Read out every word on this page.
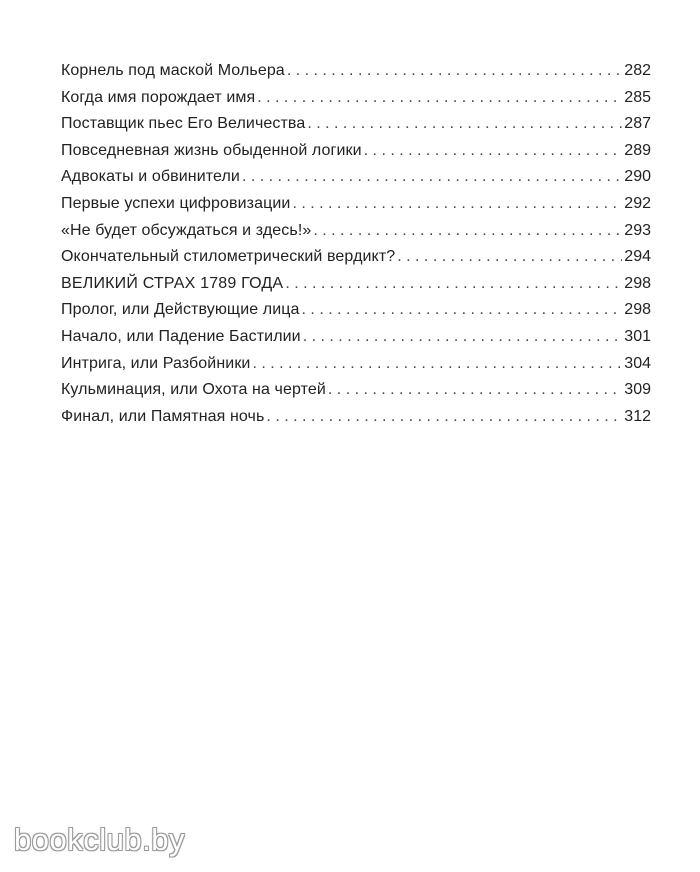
Корнель под маской Мольера . . .	282
Когда имя порождает имя . . .	285
Поставщик пьес Его Величества . . .	287
Повседневная жизнь обыденной логики . . .	289
Адвокаты и обвинители . . .	290
Первые успехи цифровизации . . .	292
«Не будет обсуждаться и здесь!» . . .	293
Окончательный стилометрический вердикт? . . .	294
ВЕЛИКИЙ СТРАХ 1789 ГОДА . . .	298
Пролог, или Действующие лица . . .	298
Начало, или Падение Бастилии . . .	301
Интрига, или Разбойники . . .	304
Кульминация, или Охота на чертей . . .	309
Финал, или Памятная ночь . . .	312
bookclub.by
